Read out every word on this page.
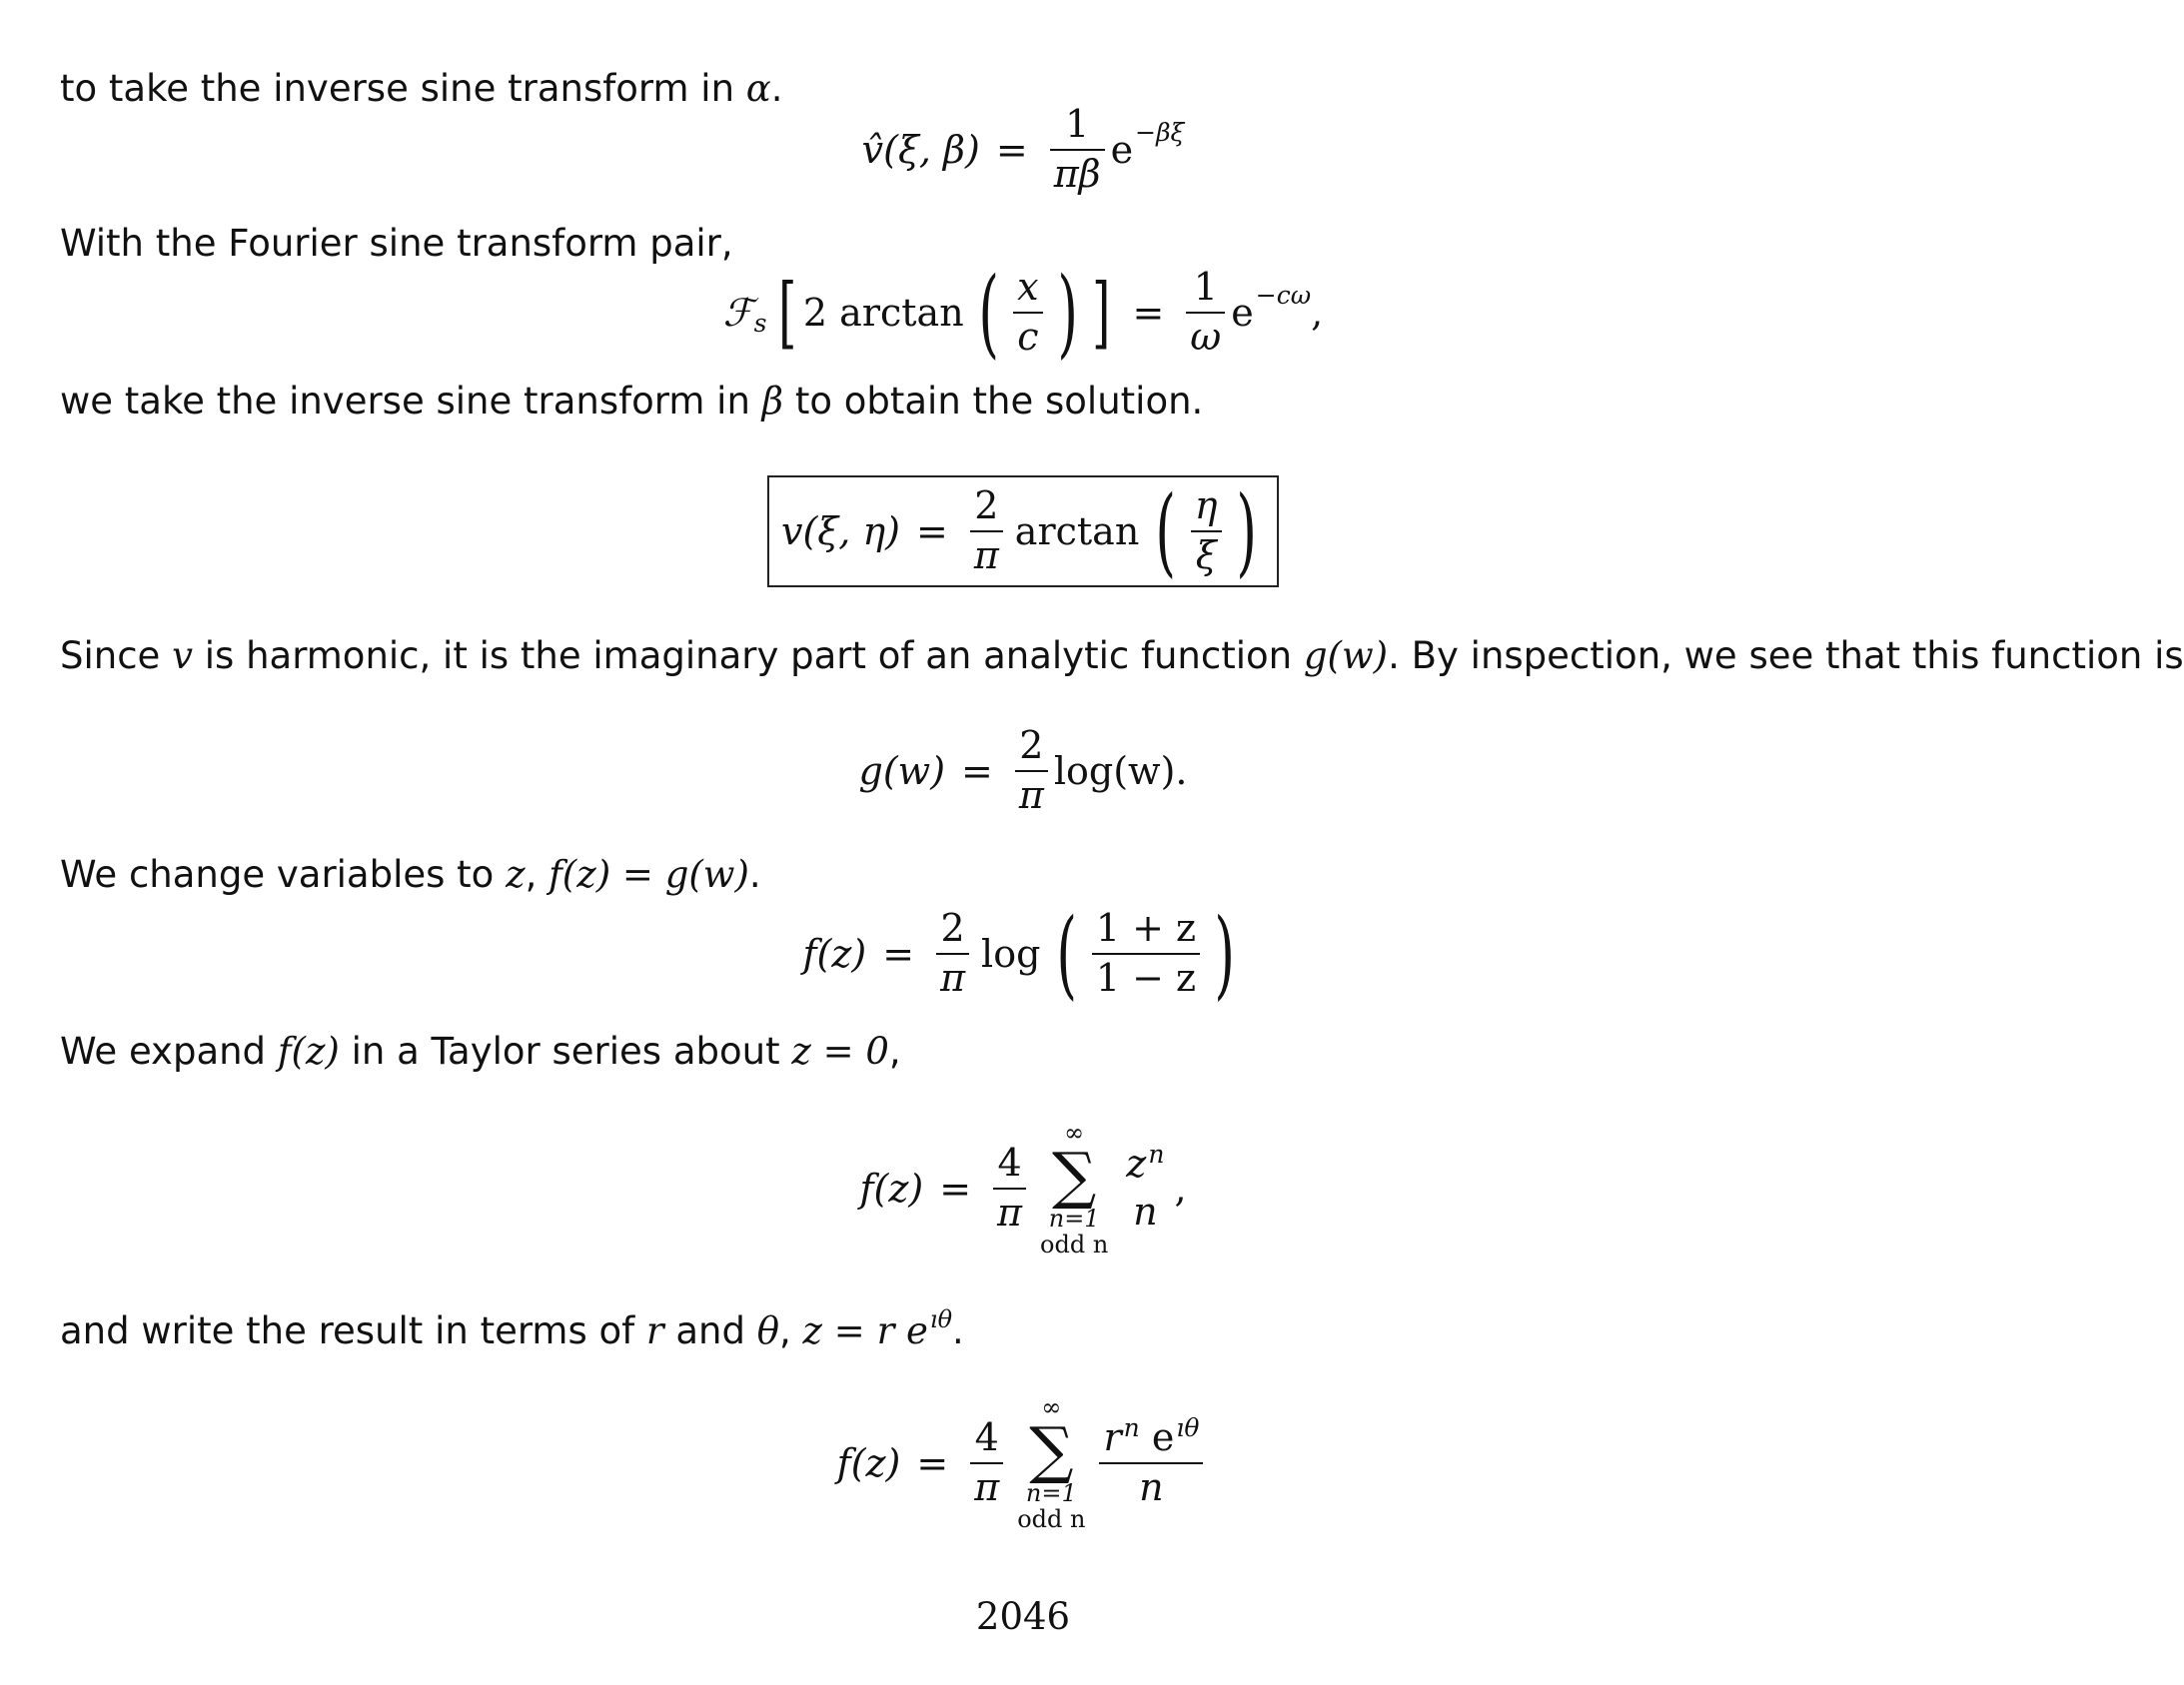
to take the inverse sine transform in α.

v̂(ξ, $\beta) = \frac{1}{\pi\beta}$ e −βξ

With the Fourier sine transform pair,

ℱ s [ 2 arctan ( $\frac{x}{c}$ ) ] = $\frac{1}{\omega}$ e −cω ,

we take the inverse sine transform in β to obtain the solution.

v(ξ, $\eta) = \frac{2}{\pi}$ arctan ( $\frac{\eta}{\xi}$ )

Since v is harmonic, it is the imaginary part of an analytic function g(w). By inspection, we see that this function is

$g(w) = \frac{2}{\pi} \log(w)$.

We change variables to z, f(z) = g(w).

$f(z) = \frac{2}{\pi}$ log ( $\frac{1 + z}{1 - z}$ )

We expand f(z) in a Taylor series about z = 0,

$f(z) = \frac{4}{\pi}$
∞
∑
n=1
odd n
$z^n$
n
,

and write the result in terms of r and θ, z = r $e^{ı\theta}$.

$f(z) = \frac{4}{\pi}$
∞
∑
n=1
odd n
$\frac{r^n e^{ı\theta}}{n}$
2046
